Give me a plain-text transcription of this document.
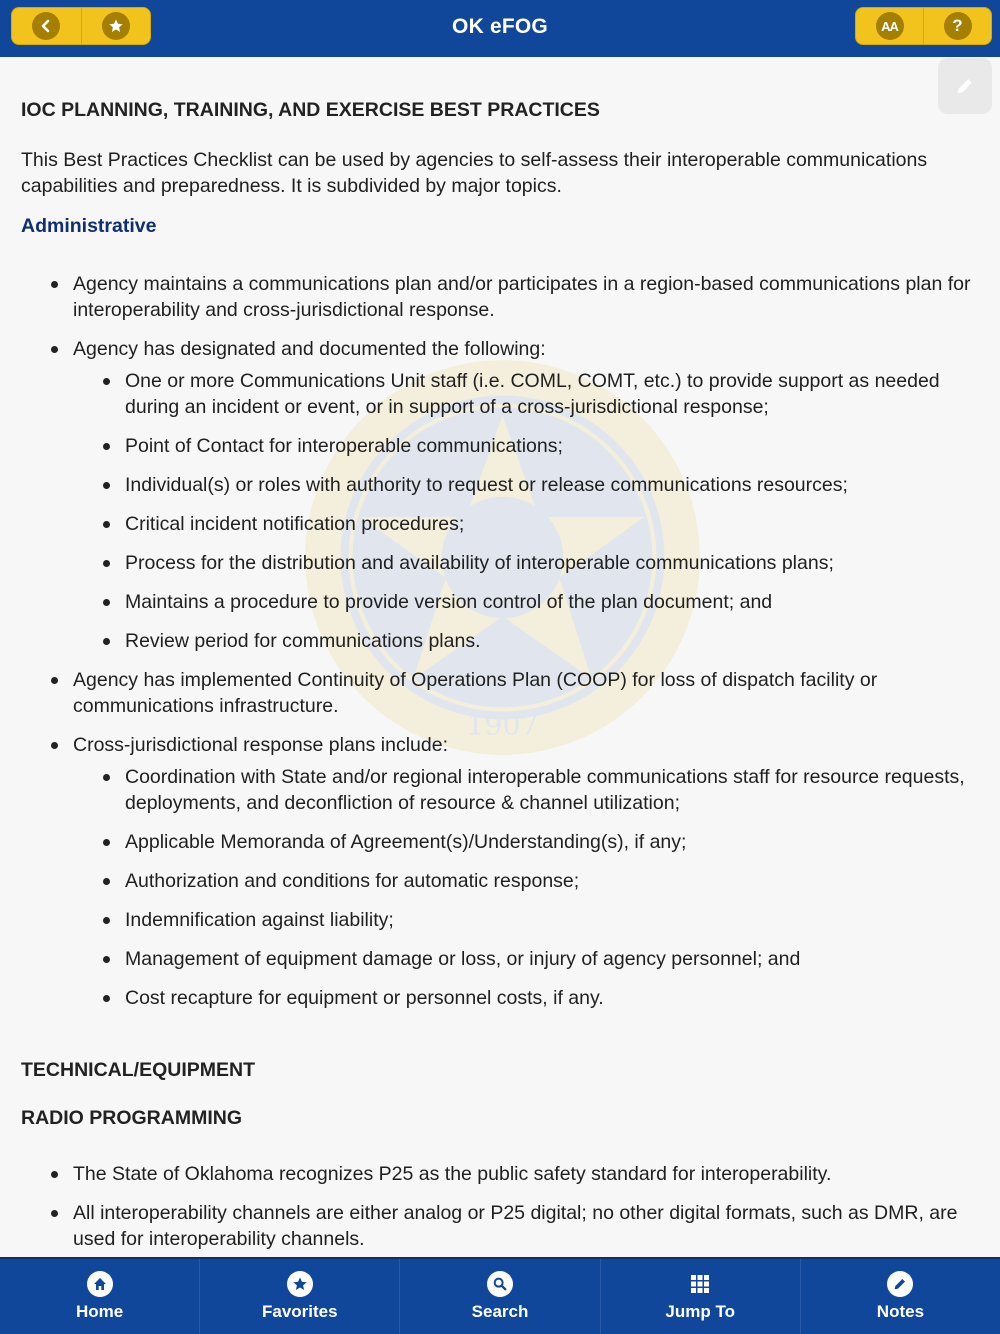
OK eFOG	AA	?
1907
IOC PLANNING, TRAINING, AND EXERCISE BEST PRACTICES
This Best Practices Checklist can be used by agencies to self-assess their interoperable communications capabilities and preparedness. It is subdivided by major topics.
Administrative
Agency maintains a communications plan and/or participates in a region-based communications plan for interoperability and cross-jurisdictional response.
Agency has designated and documented the following:
One or more Communications Unit staff (i.e. COML, COMT, etc.) to provide support as needed during an incident or event, or in support of a cross-jurisdictional response;
Point of Contact for interoperable communications;
Individual(s) or roles with authority to request or release communications resources;
Critical incident notification procedures;
Process for the distribution and availability of interoperable communications plans;
Maintains a procedure to provide version control of the plan document; and
Review period for communications plans.
Agency has implemented Continuity of Operations Plan (COOP) for loss of dispatch facility or communications infrastructure.
Cross-jurisdictional response plans include:
Coordination with State and/or regional interoperable communications staff for resource requests, deployments, and deconfliction of resource & channel utilization;
Applicable Memoranda of Agreement(s)/Understanding(s), if any;
Authorization and conditions for automatic response;
Indemnification against liability;
Management of equipment damage or loss, or injury of agency personnel; and
Cost recapture for equipment or personnel costs, if any.
TECHNICAL/EQUIPMENT
RADIO PROGRAMMING
The State of Oklahoma recognizes P25 as the public safety standard for interoperability.
All interoperability channels are either analog or P25 digital; no other digital formats, such as DMR, are used for interoperability channels.
Home	Favorites	Search	Jump To	Notes
